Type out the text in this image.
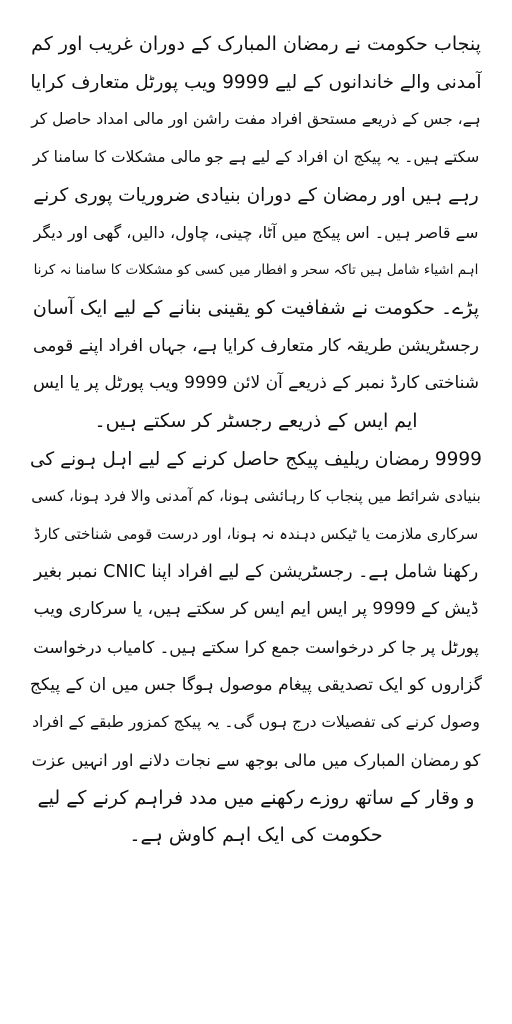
پنجاب حکومت نے رمضان المبارک کے دوران غریب اور کم
آمدنی والے خاندانوں کے لیے 9999 ویب پورٹل متعارف کرایا
ہے، جس کے ذریعے مستحق افراد مفت راشن اور مالی امداد حاصل کر
سکتے ہیں۔ یہ پیکج ان افراد کے لیے ہے جو مالی مشکلات کا سامنا کر
رہے ہیں اور رمضان کے دوران بنیادی ضروریات پوری کرنے
سے قاصر ہیں۔ اس پیکج میں آٹا، چینی، چاول، دالیں، گھی اور دیگر
اہم اشیاء شامل ہیں تاکہ سحر و افطار میں کسی کو مشکلات کا سامنا نہ کرنا
پڑے۔ حکومت نے شفافیت کو یقینی بنانے کے لیے ایک آسان
رجسٹریشن طریقہ کار متعارف کرایا ہے، جہاں افراد اپنے قومی
شناختی کارڈ نمبر کے ذریعے آن لائن 9999 ویب پورٹل پر یا ایس
ایم ایس کے ذریعے رجسٹر کر سکتے ہیں۔

9999 رمضان ریلیف پیکج حاصل کرنے کے لیے اہل ہونے کی
بنیادی شرائط میں پنجاب کا رہائشی ہونا، کم آمدنی والا فرد ہونا، کسی
سرکاری ملازمت یا ٹیکس دہندہ نہ ہونا، اور درست قومی شناختی کارڈ
رکھنا شامل ہے۔ رجسٹریشن کے لیے افراد اپنا CNIC نمبر بغیر
ڈیش کے 9999 پر ایس ایم ایس کر سکتے ہیں، یا سرکاری ویب
پورٹل پر جا کر درخواست جمع کرا سکتے ہیں۔ کامیاب درخواست
گزاروں کو ایک تصدیقی پیغام موصول ہوگا جس میں ان کے پیکج
وصول کرنے کی تفصیلات درج ہوں گی۔ یہ پیکج کمزور طبقے کے افراد
کو رمضان المبارک میں مالی بوجھ سے نجات دلانے اور انہیں عزت
و وقار کے ساتھ روزے رکھنے میں مدد فراہم کرنے کے لیے
حکومت کی ایک اہم کاوش ہے۔
